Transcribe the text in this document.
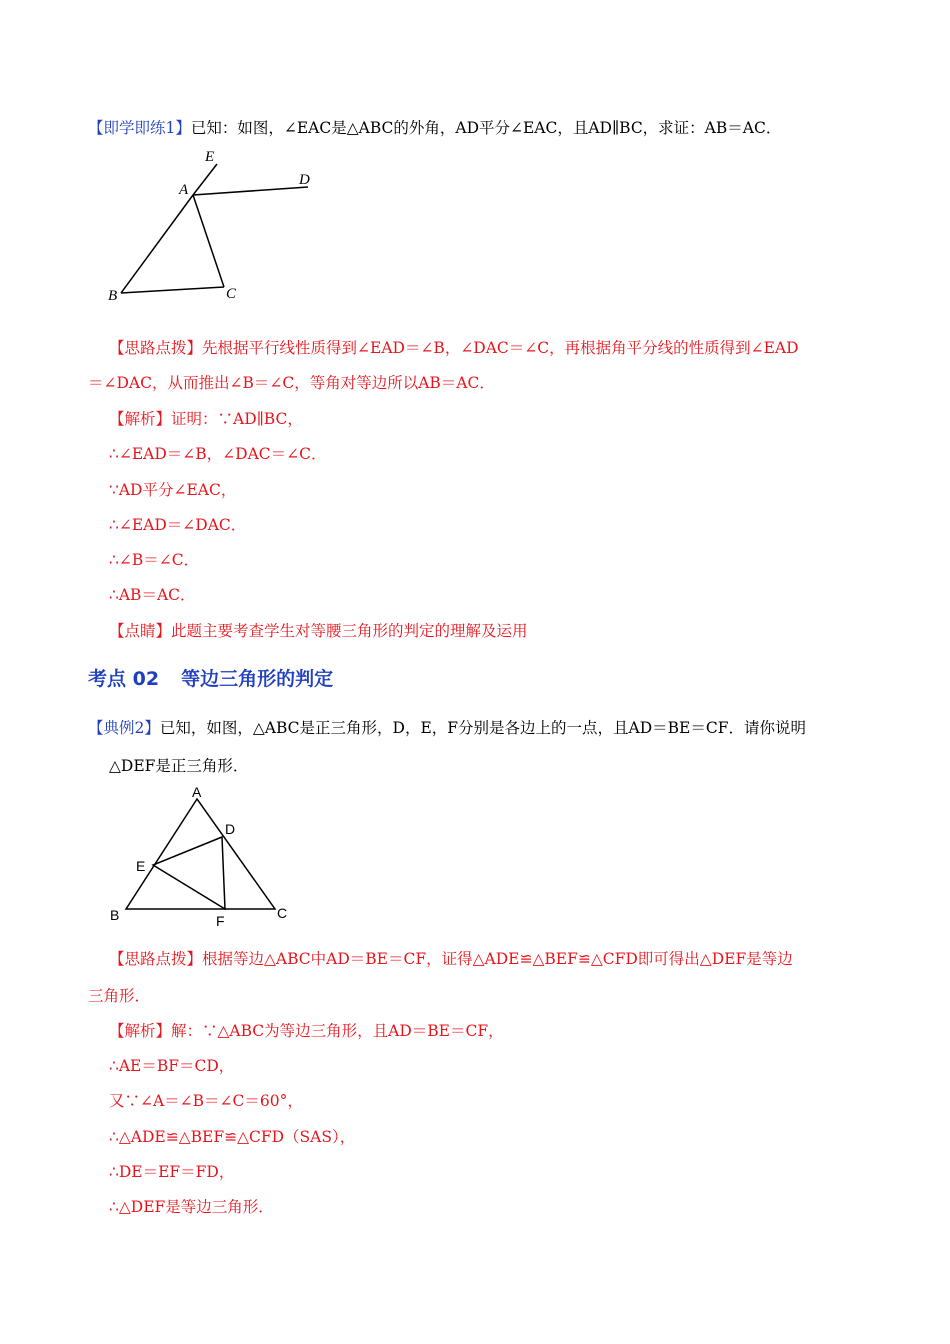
【即学即练1】已知：如图，∠EAC是△ABC的外角，AD平分∠EAC，且AD∥BC，求证：AB＝AC．
E
A
D
B	C
【思路点拨】先根据平行线性质得到∠EAD＝∠B，∠DAC＝∠C，再根据角平分线的性质得到∠EAD
＝∠DAC，从而推出∠B＝∠C，等角对等边所以AB＝AC．
【解析】证明：∵AD∥BC，
∴∠EAD＝∠B，∠DAC＝∠C．
∵AD平分∠EAC，
∴∠EAD＝∠DAC．
∴∠B＝∠C．
∴AB＝AC．
【点睛】此题主要考查学生对等腰三角形的判定的理解及运用
考点 02 等边三角形的判定
【典例2】已知，如图，△ABC是正三角形，D，E，F分别是各边上的一点，且AD＝BE＝CF．请你说明
△DEF是正三角形．
A
D
E
B	F	C
【思路点拨】根据等边△ABC中AD＝BE＝CF，证得△ADE≌△BEF≌△CFD即可得出△DEF是等边
三角形．
【解析】解：∵△ABC为等边三角形，且AD＝BE＝CF，
∴AE＝BF＝CD，
又∵∠A＝∠B＝∠C＝60°，
∴△ADE≌△BEF≌△CFD（SAS），
∴DE＝EF＝FD，
∴△DEF是等边三角形．
